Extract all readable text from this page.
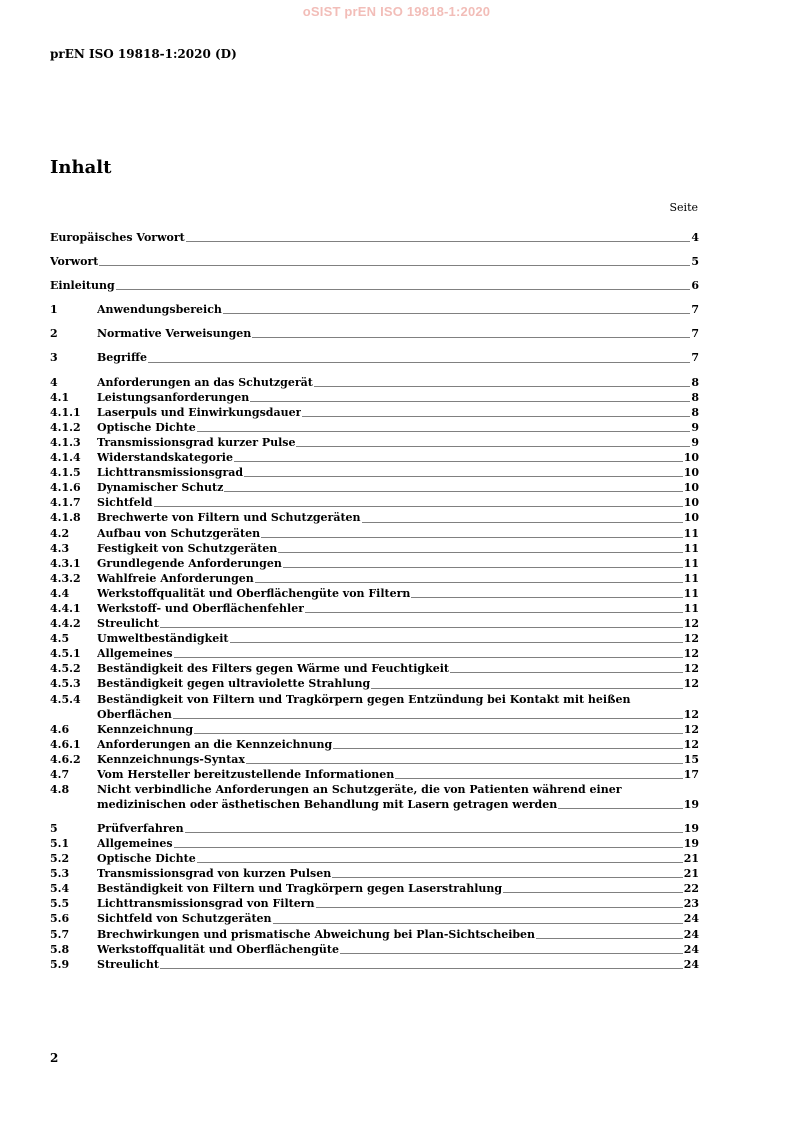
oSIST prEN ISO 19818-1:2020
prEN ISO 19818-1:2020 (D)
Inhalt
Seite
Europäisches Vorwort	4
Vorwort	5
Einleitung	6
1	Anwendungsbereich	7
2	Normative Verweisungen	7
3	Begriffe	7
4	Anforderungen an das Schutzgerät	8
4.1	Leistungsanforderungen	8
4.1.1	Laserpuls und Einwirkungsdauer	8
4.1.2	Optische Dichte	9
4.1.3	Transmissionsgrad kurzer Pulse	9
4.1.4	Widerstandskategorie	10
4.1.5	Lichttransmissionsgrad	10
4.1.6	Dynamischer Schutz	10
4.1.7	Sichtfeld	10
4.1.8	Brechwerte von Filtern und Schutzgeräten	10
4.2	Aufbau von Schutzgeräten	11
4.3	Festigkeit von Schutzgeräten	11
4.3.1	Grundlegende Anforderungen	11
4.3.2	Wahlfreie Anforderungen	11
4.4	Werkstoffqualität und Oberflächengüte von Filtern	11
4.4.1	Werkstoff- und Oberflächenfehler	11
4.4.2	Streulicht	12
4.5	Umweltbeständigkeit	12
4.5.1	Allgemeines	12
4.5.2	Beständigkeit des Filters gegen Wärme und Feuchtigkeit	12
4.5.3	Beständigkeit gegen ultraviolette Strahlung	12
4.5.4	Beständigkeit von Filtern und Tragkörpern gegen Entzündung bei Kontakt mit heißen
Oberflächen	12
4.6	Kennzeichnung	12
4.6.1	Anforderungen an die Kennzeichnung	12
4.6.2	Kennzeichnungs-Syntax	15
4.7	Vom Hersteller bereitzustellende Informationen	17
4.8	Nicht verbindliche Anforderungen an Schutzgeräte, die von Patienten während einer
medizinischen oder ästhetischen Behandlung mit Lasern getragen werden	19
5	Prüfverfahren	19
5.1	Allgemeines	19
5.2	Optische Dichte	21
5.3	Transmissionsgrad von kurzen Pulsen	21
5.4	Beständigkeit von Filtern und Tragkörpern gegen Laserstrahlung	22
5.5	Lichttransmissionsgrad von Filtern	23
5.6	Sichtfeld von Schutzgeräten	24
5.7	Brechwirkungen und prismatische Abweichung bei Plan-Sichtscheiben	24
5.8	Werkstoffqualität und Oberflächengüte	24
5.9	Streulicht	24
2
